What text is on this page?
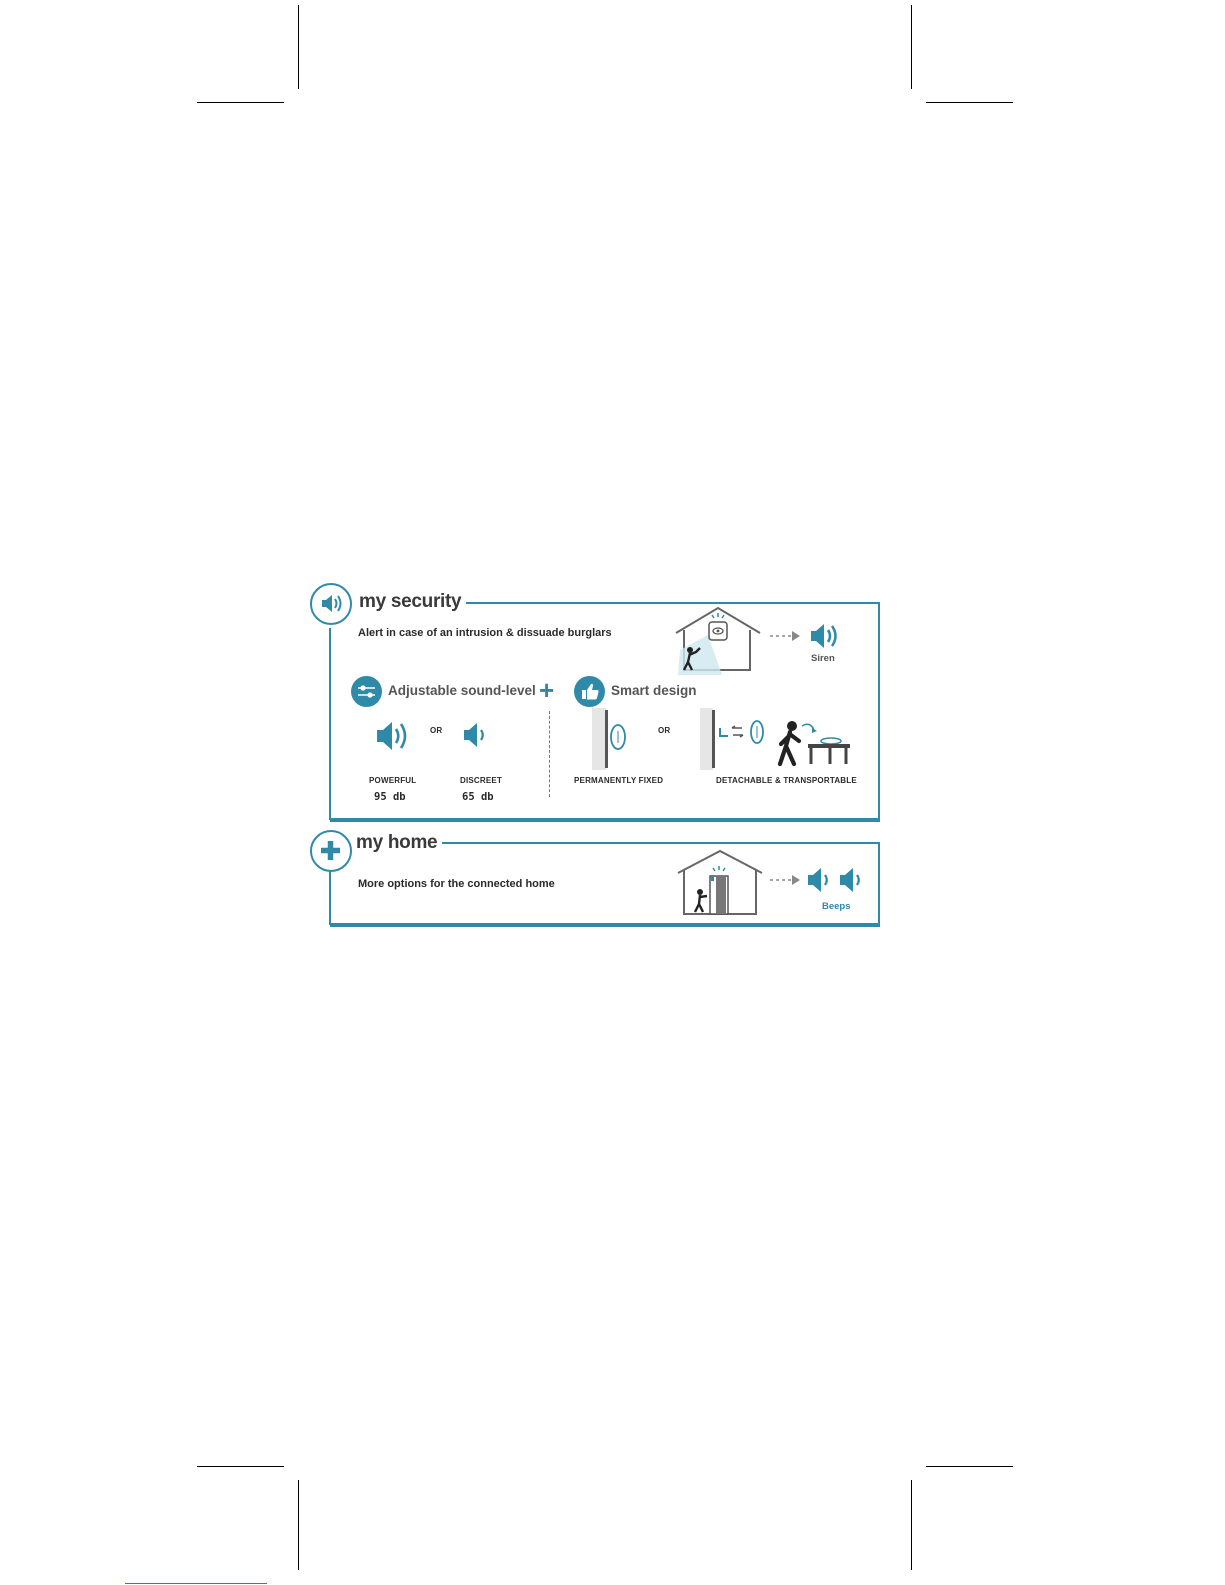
my security
Alert in case of an intrusion & dissuade burglars
Siren
Adjustable sound-level +
OR
POWERFUL	DISCREET
95 db	65 db
Smart design
OR
PERMANENTLY FIXED	DETACHABLE & TRANSPORTABLE
my home
More options for the connected home
Beeps
